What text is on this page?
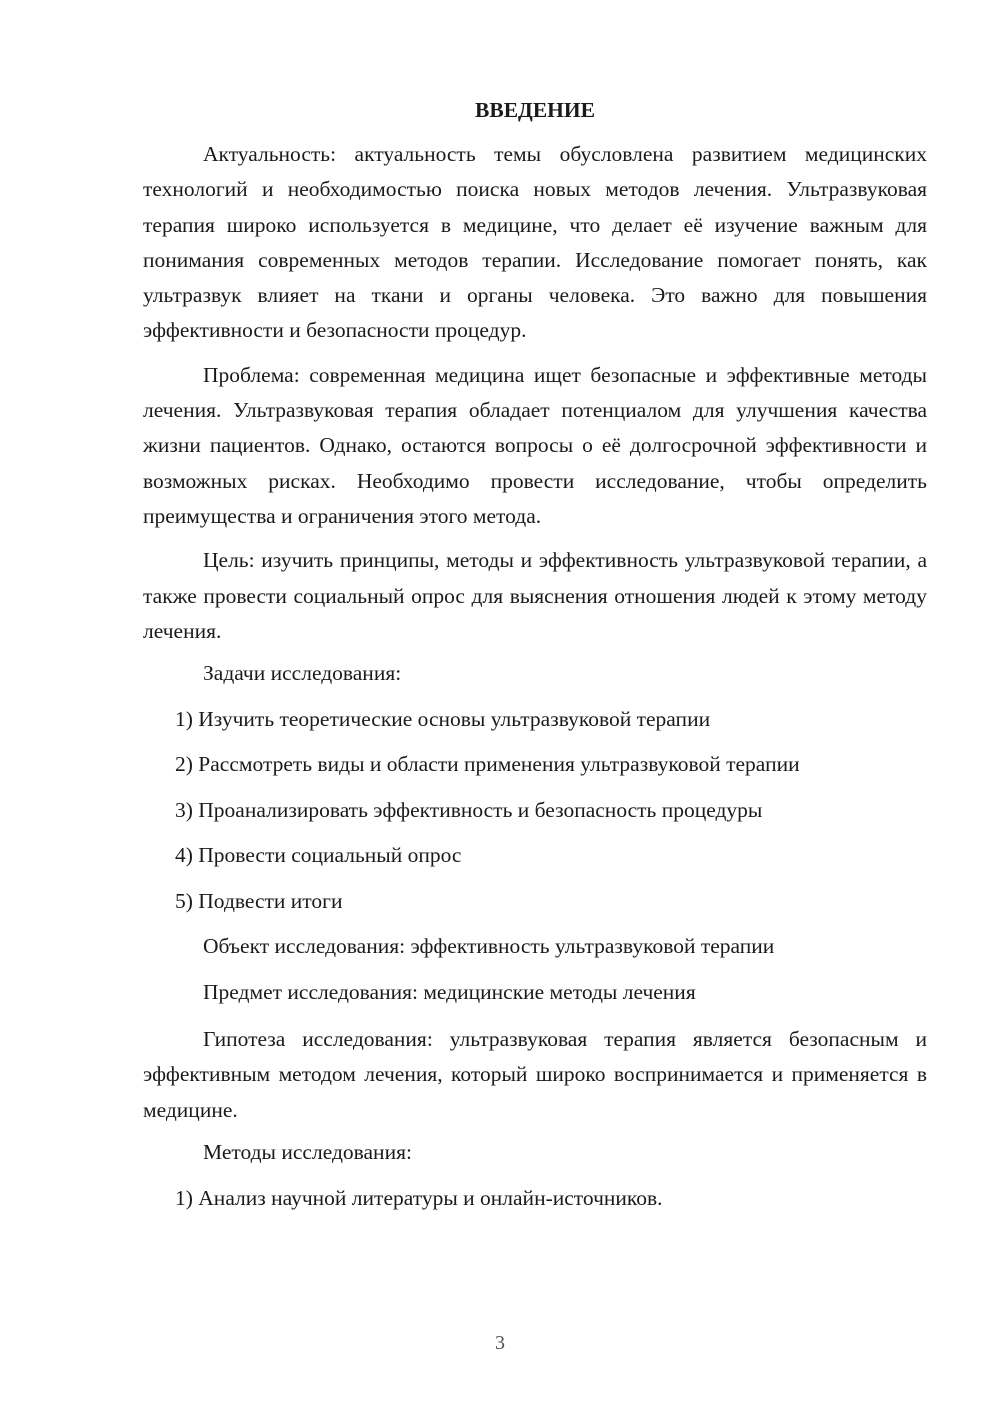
ВВЕДЕНИЕ

Актуальность: актуальность темы обусловлена развитием медицинских технологий и необходимостью поиска новых методов лечения. Ультразвуковая терапия широко используется в медицине, что делает её изучение важным для понимания современных методов терапии. Исследование помогает понять, как ультразвук влияет на ткани и органы человека. Это важно для повышения эффективности и безопасности процедур.

Проблема: современная медицина ищет безопасные и эффективные методы лечения. Ультразвуковая терапия обладает потенциалом для улучшения качества жизни пациентов. Однако, остаются вопросы о её долгосрочной эффективности и возможных рисках. Необходимо провести исследование, чтобы определить преимущества и ограничения этого метода.

Цель: изучить принципы, методы и эффективность ультразвуковой терапии, а также провести социальный опрос для выяснения отношения людей к этому методу лечения.

Задачи исследования:
1) Изучить теоретические основы ультразвуковой терапии
2) Рассмотреть виды и области применения ультразвуковой терапии
3) Проанализировать эффективность и безопасность процедуры
4) Провести социальный опрос
5) Подвести итоги
Объект исследования: эффективность ультразвуковой терапии
Предмет исследования: медицинские методы лечения

Гипотеза исследования: ультразвуковая терапия является безопасным и эффективным методом лечения, который широко воспринимается и применяется в медицине.

Методы исследования:
1) Анализ научной литературы и онлайн-источников.
3
